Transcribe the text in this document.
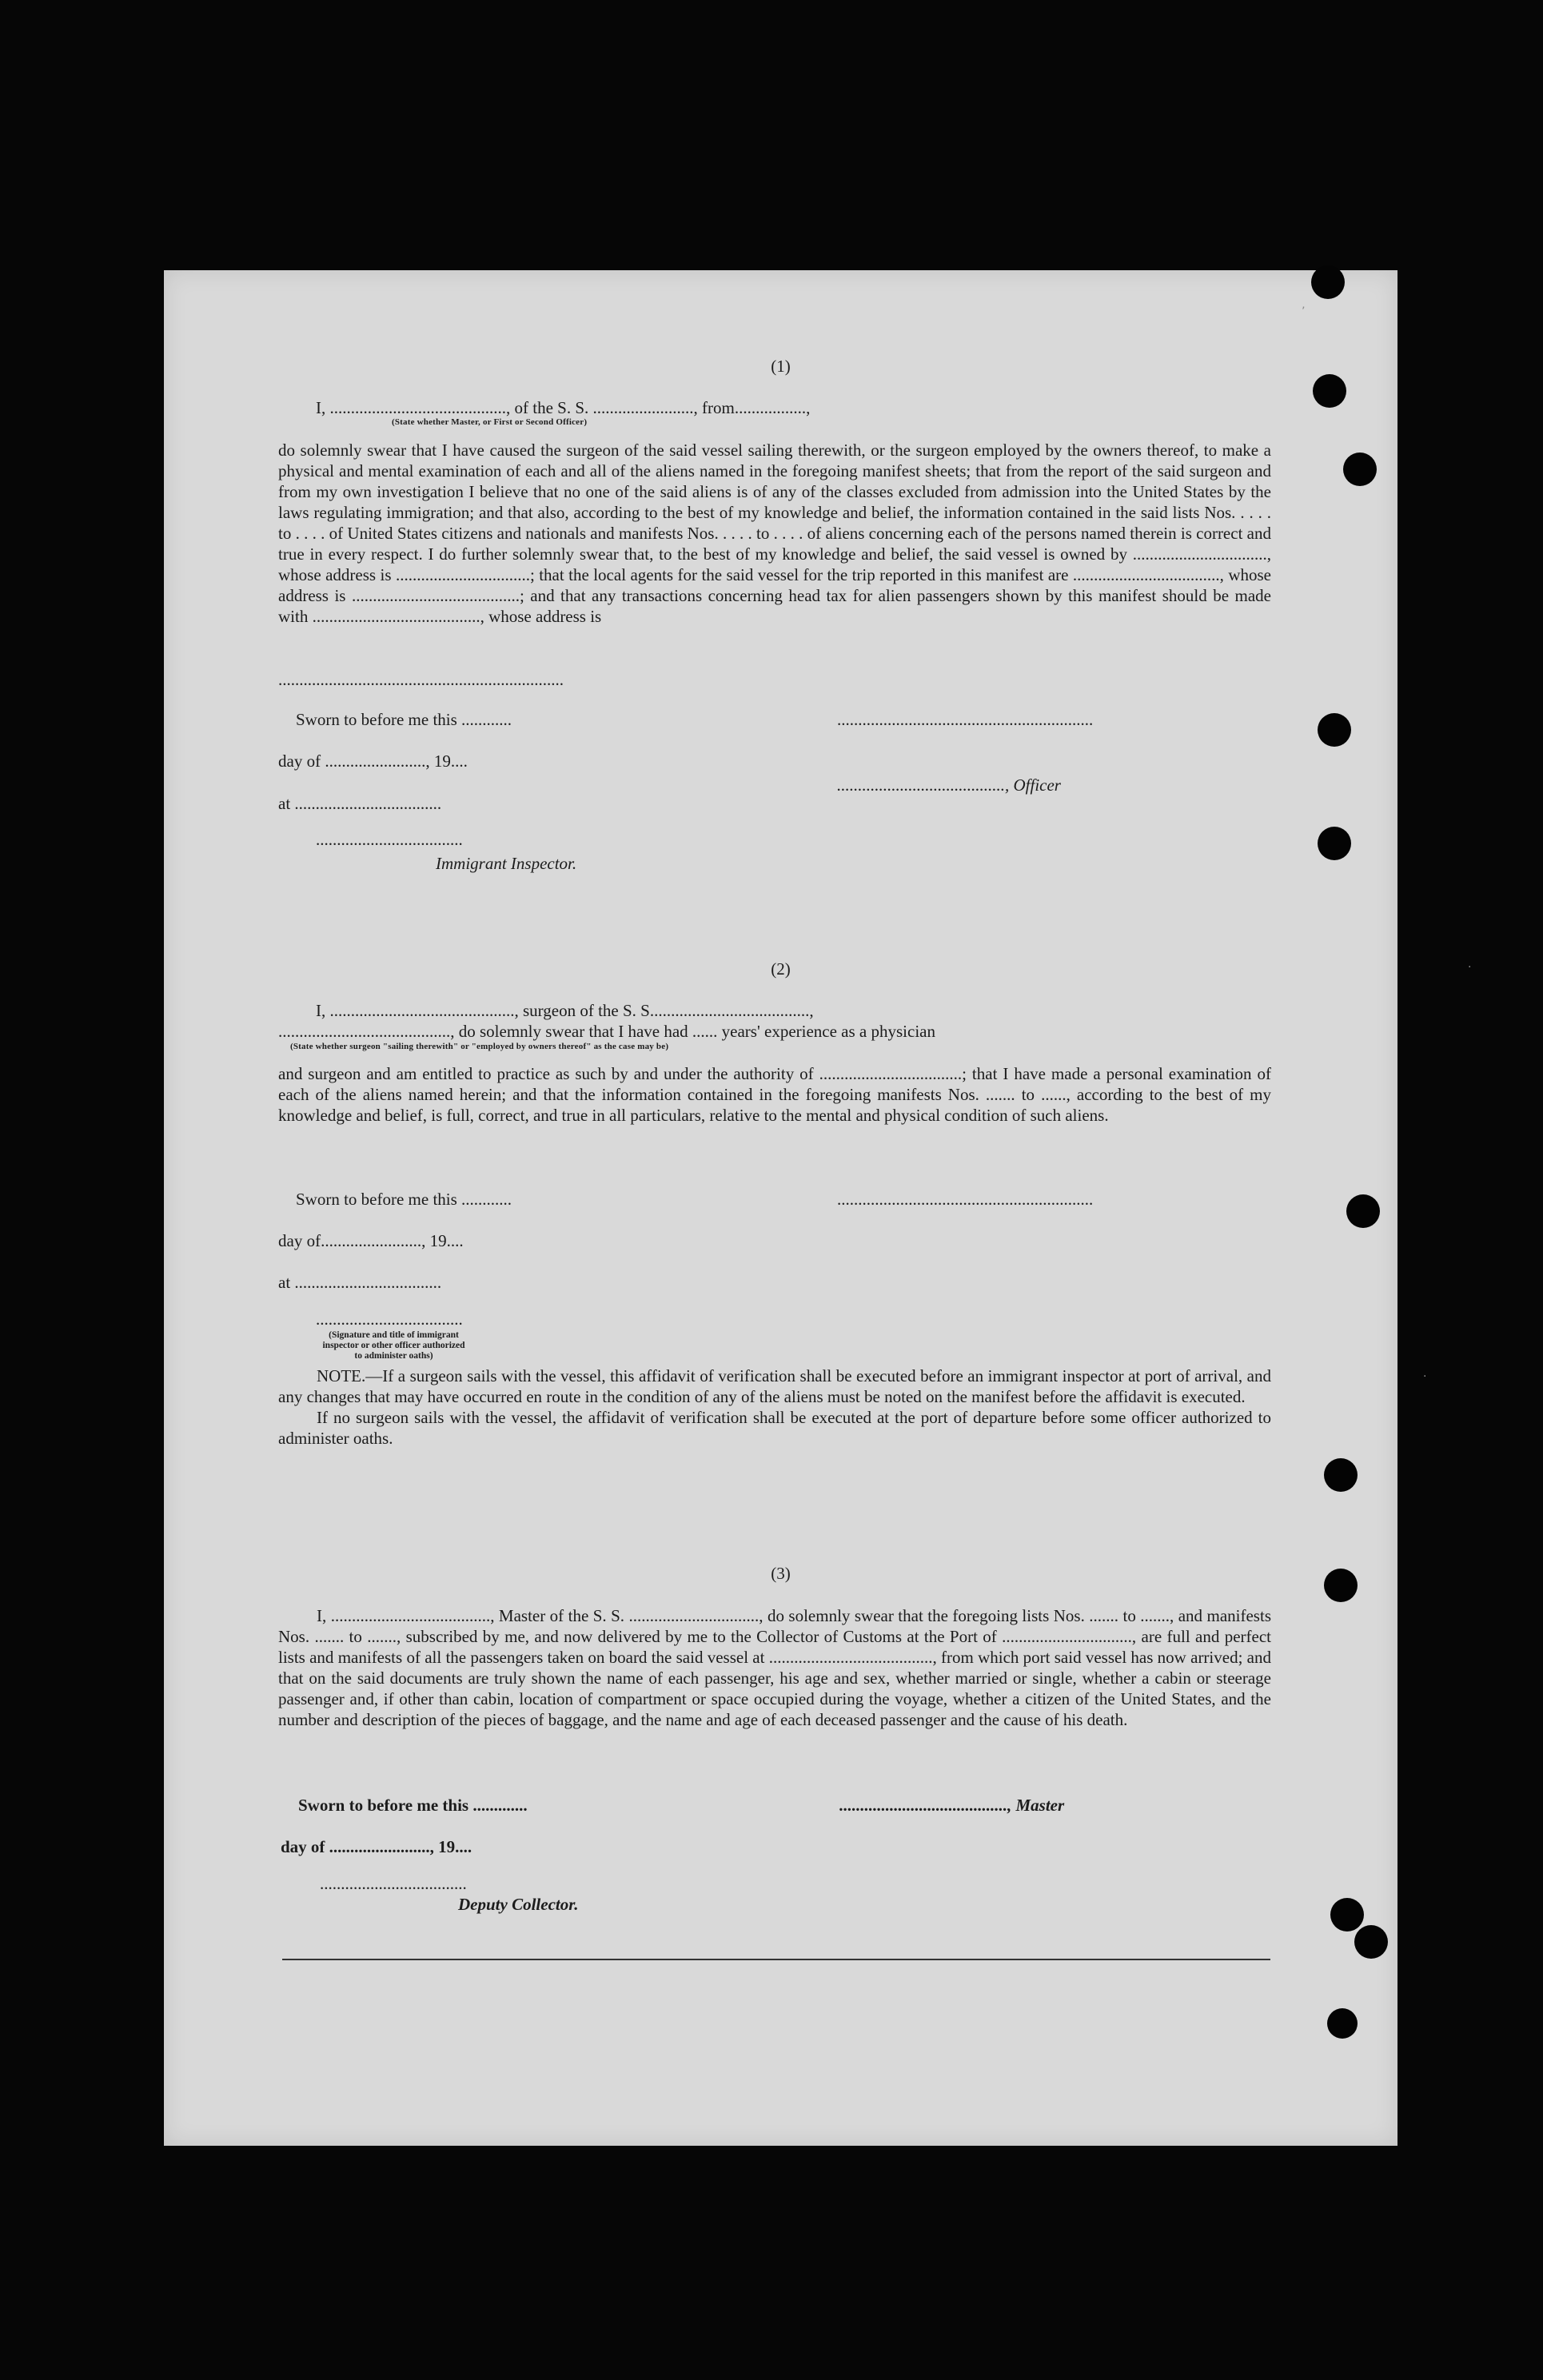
(1)
I, .........................................., of the S. S. ........................, from.................,
(State whether Master, or First or Second Officer)

do solemnly swear that I have caused the surgeon of the said vessel sailing therewith, or the surgeon employed by the owners thereof, to make a physical and mental examination of each and all of the aliens named in the foregoing manifest sheets; that from the report of the said surgeon and from my own investigation I believe that no one of the said aliens is of any of the classes excluded from admission into the United States by the laws regulating immigration; and that also, according to the best of my knowledge and belief, the information contained in the said lists Nos. . . . . to . . . . of United States citizens and nationals and manifests Nos. . . . . to . . . . of aliens concerning each of the persons named therein is correct and true in every respect. I do further solemnly swear that, to the best of my knowledge and belief, the said vessel is owned by ................................, whose address is ................................; that the local agents for the said vessel for the trip reported in this manifest are ..................................., whose address is ........................................; and that any transactions concerning head tax for alien passengers shown by this manifest should be made with ........................................, whose address is

....................................................................
Sworn to before me this ............	.............................................................
day of ........................, 19....
........................................, Officer
at ...................................
...................................
Immigrant Inspector.
(2)
I, ............................................, surgeon of the S. S......................................,
........................................., do solemnly swear that I have had ...... years' experience as a physician
(State whether surgeon "sailing therewith" or "employed by owners thereof" as the case may be)

and surgeon and am entitled to practice as such by and under the authority of ..................................; that I have made a personal examination of each of the aliens named herein; and that the information contained in the foregoing manifests Nos. ....... to ......, according to the best of my knowledge and belief, is full, correct, and true in all particulars, relative to the mental and physical condition of such aliens.

Sworn to before me this ............	.............................................................
day of........................, 19....
at ...................................
...................................
(Signature and title of immigrant inspector or other officer authorized to administer oaths)

NOTE.—If a surgeon sails with the vessel, this affidavit of verification shall be executed before an immigrant inspector at port of arrival, and any changes that may have occurred en route in the condition of any of the aliens must be noted on the manifest before the affidavit is executed.

If no surgeon sails with the vessel, the affidavit of verification shall be executed at the port of departure before some officer authorized to administer oaths.

(3)

I, ......................................, Master of the S. S. ..............................., do solemnly swear that the foregoing lists Nos. ....... to ......., and manifests Nos. ....... to ......., subscribed by me, and now delivered by me to the Collector of Customs at the Port of ..............................., are full and perfect lists and manifests of all the passengers taken on board the said vessel at ......................................., from which port said vessel has now arrived; and that on the said documents are truly shown the name of each passenger, his age and sex, whether married or single, whether a cabin or steerage passenger and, if other than cabin, location of compartment or space occupied during the voyage, whether a citizen of the United States, and the number and description of the pieces of baggage, and the name and age of each deceased passenger and the cause of his death.

Sworn to before me this .............	........................................, Master
day of ........................, 19....
...................................
Deputy Collector.
’
.
.
